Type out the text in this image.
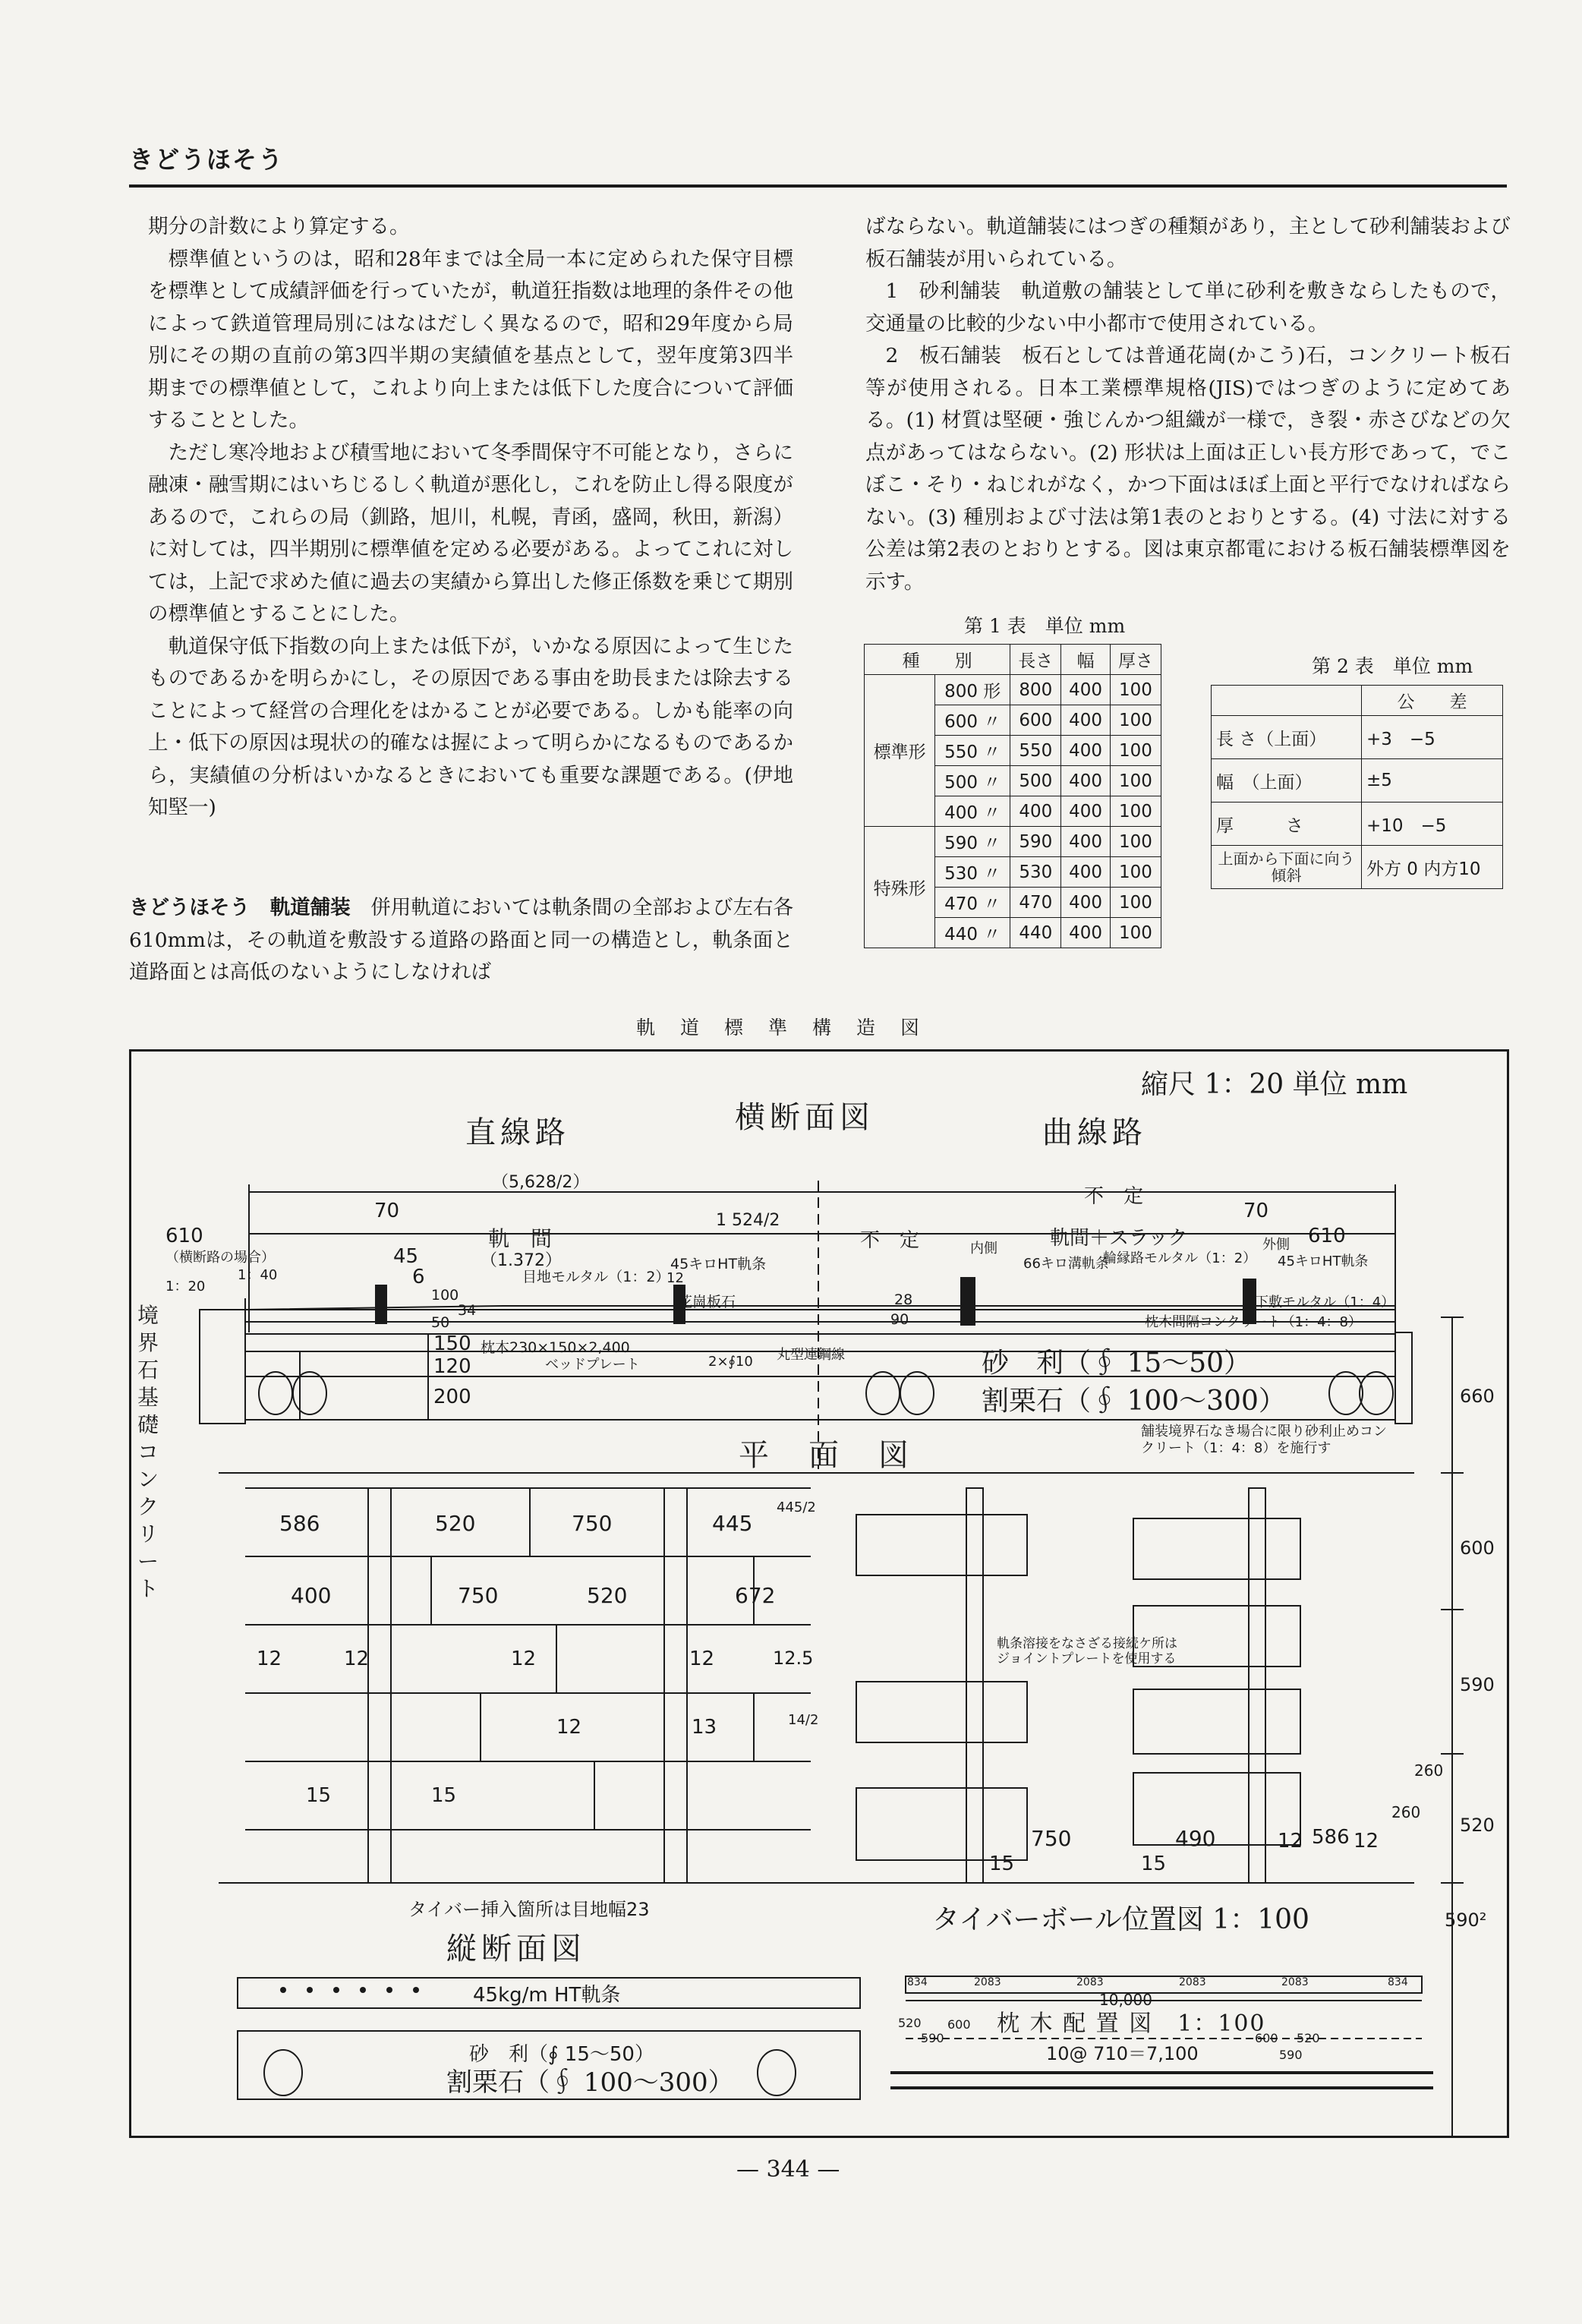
きどうほそう

期分の計数により算定する。

標準値というのは，昭和28年までは全局一本に定められた保守目標を標準として成績評価を行っていたが，軌道狂指数は地理的条件その他によって鉄道管理局別にはなはだしく異なるので，昭和29年度から局別にその期の直前の第3四半期の実績値を基点として，翌年度第3四半期までの標準値として，これより向上または低下した度合について評価することとした。

ただし寒冷地および積雪地において冬季間保守不可能となり，さらに融凍・融雪期にはいちじるしく軌道が悪化し，これを防止し得る限度があるので，これらの局（釧路，旭川，札幌，青函，盛岡，秋田，新潟）に対しては，四半期別に標準値を定める必要がある。よってこれに対しては，上記で求めた値に過去の実績から算出した修正係数を乗じて期別の標準値とすることにした。

軌道保守低下指数の向上または低下が，いかなる原因によって生じたものであるかを明らかにし，その原因である事由を助長または除去することによって経営の合理化をはかることが必要である。しかも能率の向上・低下の原因は現状の的確なは握によって明らかになるものであるから，実績値の分析はいかなるときにおいても重要な課題である。(伊地知堅一)

きどうほそう　軌道舗装　 併用軌道においては軌条間の全部および左右各610mmは，その軌道を敷設する道路の路面と同一の構造とし，軌条面と道路面とは高低のないようにしなければ

ばならない。軌道舗装にはつぎの種類があり，主として砂利舗装および板石舗装が用いられている。

1　砂利舗装　軌道敷の舗装として単に砂利を敷きならしたもので，交通量の比較的少ない中小都市で使用されている。

2　板石舗装　板石としては普通花崗(かこう)石，コンクリート板石等が使用される。日本工業標準規格(JIS)ではつぎのように定めてある。(1) 材質は堅硬・強じんかつ組織が一様で，き裂・赤さびなどの欠点があってはならない。(2) 形状は上面は正しい長方形であって，でこぼこ・そり・ねじれがなく，かつ下面はほぼ上面と平行でなければならない。(3) 種別および寸法は第1表のとおりとする。(4) 寸法に対する公差は第2表のとおりとする。図は東京都電における板石舗装標準図を示す。

第 1 表　単位 mm
種　　別		長さ	幅	厚さ
標準形	800 形	800	400	100
	600 〃	600	400	100
	550 〃	550	400	100
	500 〃	500	400	100
	400 〃	400	400	100
特殊形	590 〃	590	400	100
	530 〃	530	400	100
	470 〃	470	400	100
	440 〃	440	400	100
第 2 表　単位 mm
	公　　差
長 さ（上面）	+3　−5
幅　（上面）	±5
厚　　　さ	+10　−5
上面から下面に向う傾斜	外方 0 内方10
軌　道　標　準　構　造　図
縮尺 1：20 単位 mm
直線路	横断面図	曲線路
平　面　図
縦断面図
タイバーボール位置図 1：100
枕 木 配 置 図　1：100
（5,628/2）
不　定
610
70
軌　間
（1.372）
1 524/2
不　定	軌間＋スラック
70
610
（横断路の場合）
1：40
1：20
45
6	目地モルタル（1：2）
45キロHT軌条
内側
66キロ溝軌条
輪縁路モルタル（1：2）
外側
45キロHT軌条
花崗板石	28	下敷モルタル（1：4）
90	枕木間隔コンクリート（1：4：8）
12
100
34
50
150 枕木230×150×2,400
ベッドプレート	2×∮10 丸型連鋼線
120
200
砂　利（∮ 15～50）
割栗石（∮ 100～300）
境界石基礎コンクリート
舗装境界石なき場合に限り砂利止めコンクリート（1：4：8）を施行す
660
600
590
520
260
260
590²
586	520	750	445
445/2
400	750	520	672
12	12	12	12	12.5
12	13	14/2
15	15
タイバー挿入箇所は目地幅23
軌条溶接をなさざる接続ケ所はジョイントプレートを使用する
750	490
15	15
12 586 12
45kg/m HT軌条
砂　利（∮ 15～50）
割栗石（∮ 100～300）
834	2083	2083	2083	2083	834
10,000
520
590
600
10@ 710＝7,100
600 520
590
— 344 —
